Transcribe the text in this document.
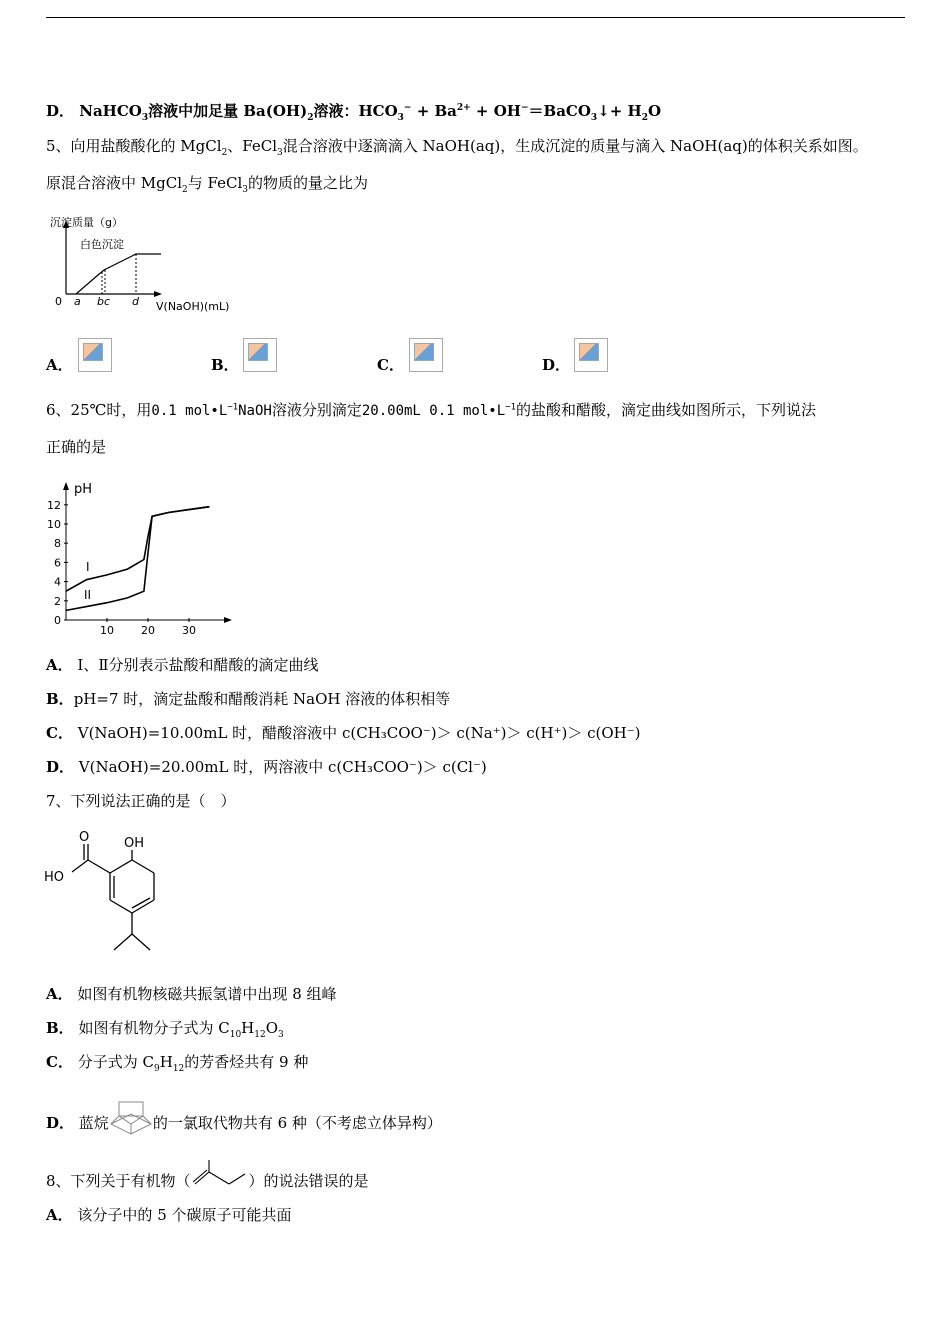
D． NaHCO$_3$溶液中加足量 $Ba(OH)_2$溶液：$HCO_3^- + Ba^{2+}$ + OH−＝BaCO$_3$↓+ $H_2O$
5、向用盐酸酸化的 MgCl$_2$、FeCl$_3$混合溶液中逐滴滴入 NaOH(aq)，生成沉淀的质量与滴入 NaOH(aq)的体积关系如图。
原混合溶液中 MgCl$_2$与 FeCl$_3$的物质的量之比为
沉淀质量（g）
白色沉淀
0 a bc d V(NaOH)(mL)
A．	B．	C．	D．
6、25℃时，用0.1 $mol•L^{-1}NaOH$溶液分别滴定20.00mL 0.1 $mol•L^{-1}$的盐酸和醋酸，滴定曲线如图所示，下列说法
正确的是
12
10
8
6
4
2
0
10 20 30
pH
I
II
A． Ⅰ、Ⅱ分别表示盐酸和醋酸的滴定曲线
B．pH=7 时，滴定盐酸和醋酸消耗 NaOH 溶液的体积相等
C． V(NaOH)=10.00mL 时，醋酸溶液中 c(CH₃COO⁻)＞ c(Na⁺)＞ c(H⁺)＞ c(OH⁻)
D． V(NaOH)=20.00mL 时，两溶液中 c(CH₃COO⁻)＞ c(Cl⁻)
7、下列说法正确的是（　）
O	OH
HO
A． 如图有机物核磁共振氢谱中出现 8 组峰
B． 如图有机物分子式为 $C_{10}H_{12}O_3$
C． 分子式为 $C_9H_{12}$的芳香烃共有 9 种
D． 蓝烷	的一氯取代物共有 6 种（不考虑立体异构）
8、下列关于有机物（	）的说法错误的是
A． 该分子中的 5 个碳原子可能共面
